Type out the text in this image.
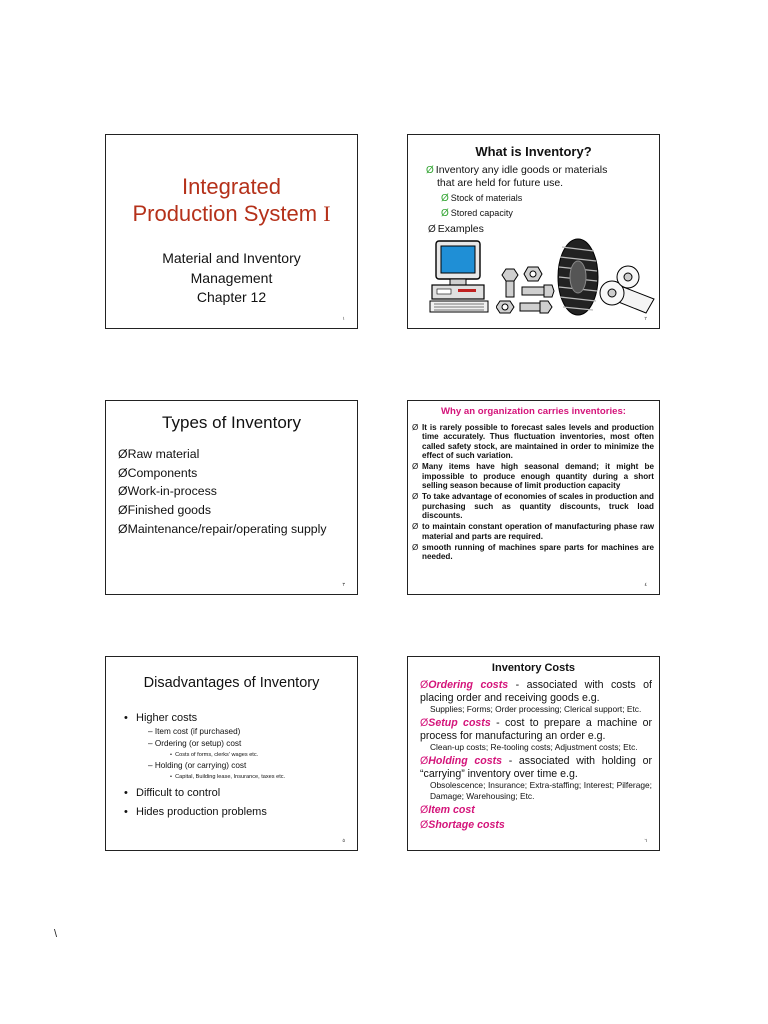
Integrated
Production System I
Material and Inventory
Management
Chapter 12
١
What is Inventory?
Ø Inventory any idle goods or materials
that are held for future use.
Ø Stock of materials
Ø Stored capacity
Ø Examples
٢
Types of Inventory
ØRaw material
ØComponents
ØWork-in-process
ØFinished goods
ØMaintenance/repair/operating supply
٣
Why an organization carries inventories:
Ø It is rarely possible to forecast sales levels and production time accurately. Thus fluctuation inventories, most often called safety stock, are maintained in order to minimize the effect of such variation.
Ø Many items have high seasonal demand; it might be impossible to produce enough quantity during a short selling season because of limit production capacity
Ø To take advantage of economies of scales in production and purchasing such as quantity discounts, truck load discounts.
Ø to maintain constant operation of manufacturing phase raw material and parts are required.
Ø smooth running of machines spare parts for machines are needed.
٤
Disadvantages of Inventory
• Higher costs
– Item cost (if purchased)
– Ordering (or setup) cost
• Costs of forms, clerks' wages etc.
– Holding (or carrying) cost
• Capital, Building lease, Insurance, taxes etc.
• Difficult to control
• Hides production problems
٥
Inventory Costs
ØOrdering costs - associated with costs of placing order and receiving goods e.g.
Supplies; Forms; Order processing; Clerical support; Etc.
ØSetup costs - cost to prepare a machine or process for manufacturing an order e.g.
Clean-up costs; Re-tooling costs; Adjustment costs; Etc.
ØHolding costs - associated with holding or “carrying” inventory over time e.g.
Obsolescence; Insurance; Extra-staffing; Interest; Pilferage; Damage; Warehousing; Etc.
ØItem cost
ØShortage costs
٦
\
